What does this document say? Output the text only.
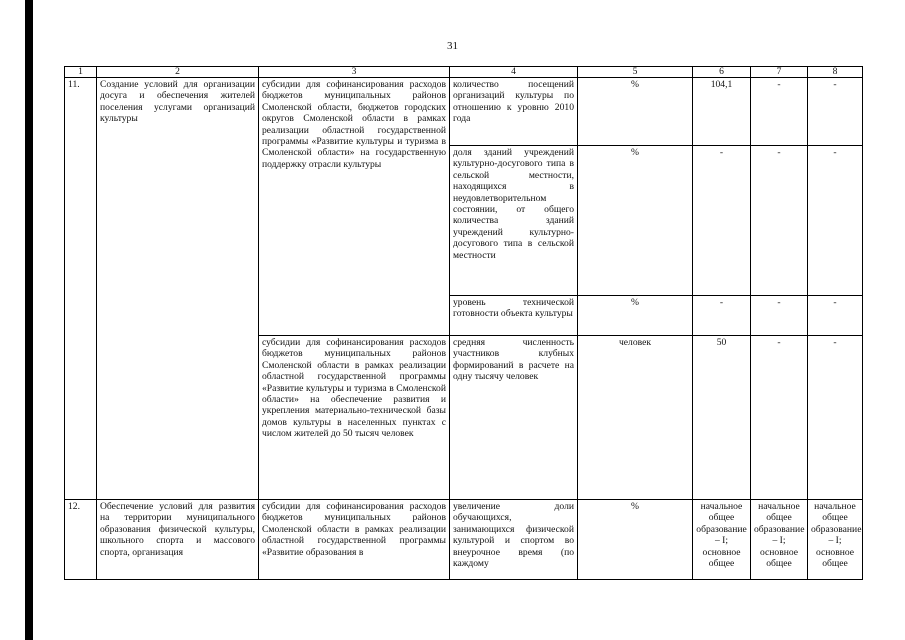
31
1	2	3	4	5	6	7	8
11.	Создание условий для организации досуга и обеспечения жителей поселения услугами организаций культуры	субсидии для софинансирования расходов бюджетов муниципальных районов Смоленской области, бюджетов городских округов Смоленской области в рамках реализации областной государственной программы «Развитие культуры и туризма в Смоленской области» на государственную поддержку отрасли культуры	количество посещений организаций культуры по отношению к уровню 2010 года	%	104,1	-	-
			доля зданий учреждений культурно-досугового типа в сельской местности, находящихся в неудовлетворительном состоянии, от общего количества зданий учреждений культурно-досугового типа в сельской местности	%	-	-	-
			уровень технической готовности объекта культуры	%	-	-	-
		субсидии для софинансирования расходов бюджетов муниципальных районов Смоленской области в рамках реализации областной государственной программы «Развитие культуры и туризма в Смоленской области» на обеспечение развития и укрепления материально-технической базы домов культуры в населенных пунктах с числом жителей до 50 тысяч человек	средняя численность участников клубных формирований в расчете на одну тысячу человек	человек	50	-	-
12.	Обеспечение условий для развития на территории муниципального образования физической культуры, школьного спорта и массового спорта, организация	субсидии для софинансирования расходов бюджетов муниципальных районов Смоленской области в рамках реализации областной государственной программы «Развитие образования в	увеличение доли обучающихся, занимающихся физической культурой и спортом во внеурочное время (по каждому	%	начальное общее образование – I; основное общее	начальное общее образование – I; основное общее	начальное общее образование – I; основное общее
